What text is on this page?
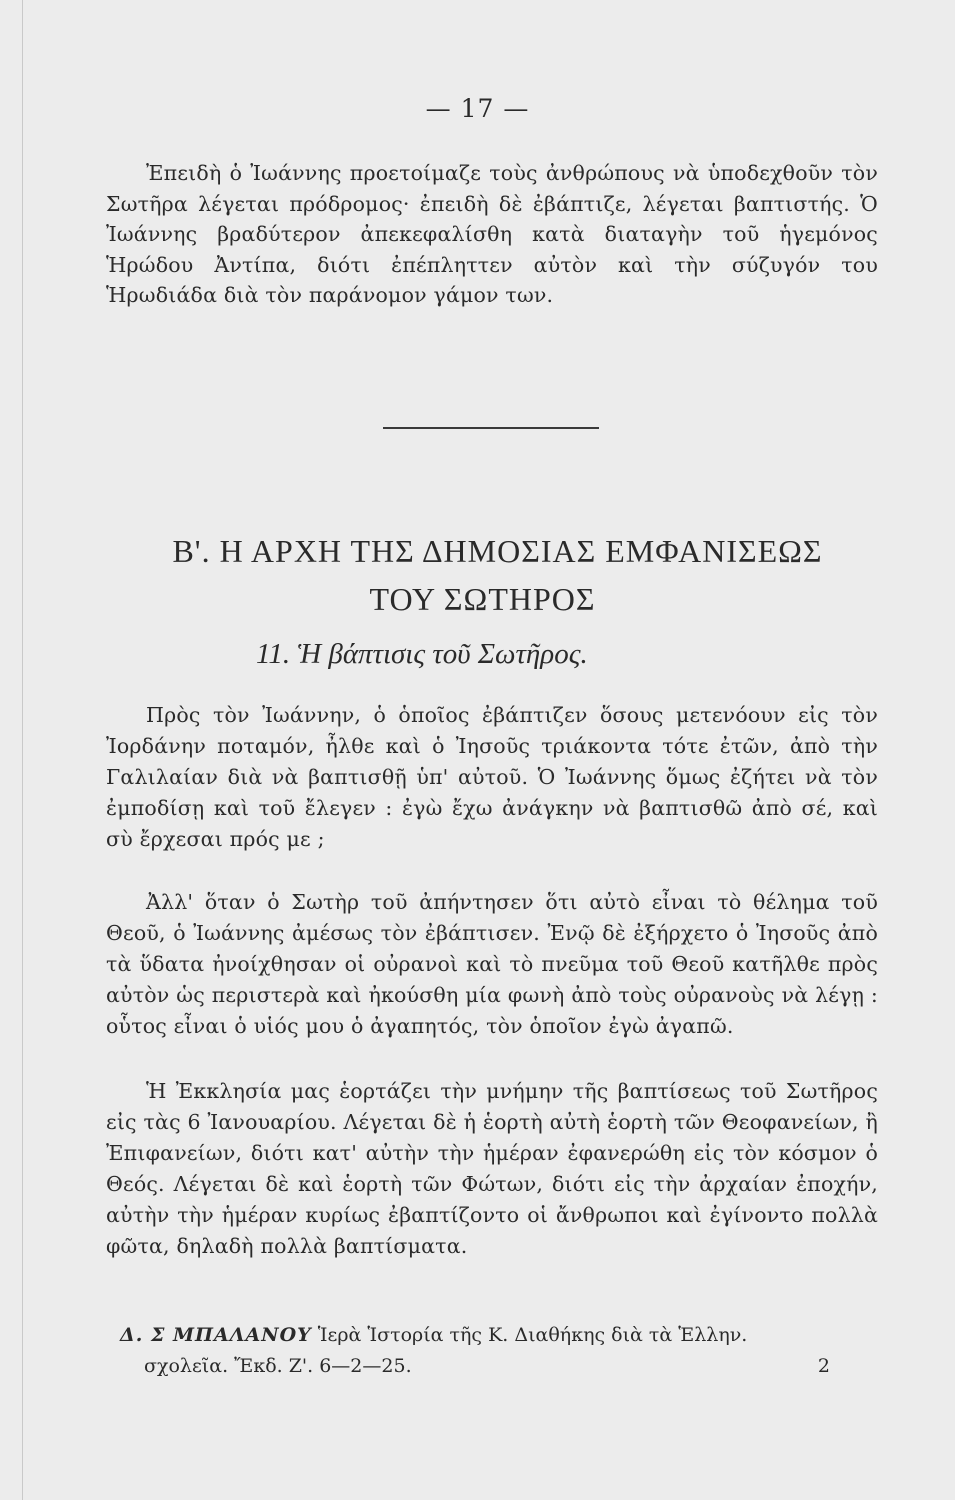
— 17 —

Ἐπειδὴ ὁ Ἰωάννης προετοίμαζε τοὺς ἀνθρώπους νὰ ὑποδεχθοῦν τὸν Σωτῆρα λέγεται πρόδρομος· ἐπειδὴ δὲ ἐβάπτιζε, λέγεται βαπτιστής. Ὁ Ἰωάννης βραδύτερον ἀπεκεφαλίσθη κατὰ διαταγὴν τοῦ ἡγεμόνος Ἡρώδου Ἀντίπα, διότι ἐπέπληττεν αὐτὸν καὶ τὴν σύζυγόν του Ἡρωδιάδα διὰ τὸν παράνομον γάμον των.

Β'. Η ΑΡΧΗ ΤΗΣ ΔΗΜΟΣΙΑΣ ΕΜΦΑΝΙΣΕΩΣ
ΤΟΥ ΣΩΤΗΡΟΣ
11. Ἡ βάπτισις τοῦ Σωτῆρος.

Πρὸς τὸν Ἰωάννην, ὁ ὁποῖος ἐβάπτιζεν ὅσους μετενόουν εἰς τὸν Ἰορδάνην ποταμόν, ἦλθε καὶ ὁ Ἰησοῦς τριάκοντα τότε ἐτῶν, ἀπὸ τὴν Γαλιλαίαν διὰ νὰ βαπτισθῇ ὑπ' αὐτοῦ. Ὁ Ἰωάννης ὅμως ἐζήτει νὰ τὸν ἐμποδίσῃ καὶ τοῦ ἔλεγεν : ἐγὼ ἔχω ἀνάγκην νὰ βαπτισθῶ ἀπὸ σέ, καὶ σὺ ἔρχεσαι πρός με ;

Ἀλλ' ὅταν ὁ Σωτὴρ τοῦ ἀπήντησεν ὅτι αὐτὸ εἶναι τὸ θέλημα τοῦ Θεοῦ, ὁ Ἰωάννης ἀμέσως τὸν ἐβάπτισεν. Ἐνῷ δὲ ἐξήρχετο ὁ Ἰησοῦς ἀπὸ τὰ ὕδατα ἠνοίχθησαν οἱ οὐρανοὶ καὶ τὸ πνεῦμα τοῦ Θεοῦ κατῆλθε πρὸς αὐτὸν ὡς περιστερὰ καὶ ἠκούσθη μία φωνὴ ἀπὸ τοὺς οὐρανοὺς νὰ λέγῃ : οὗτος εἶναι ὁ υἱός μου ὁ ἀγαπητός, τὸν ὁποῖον ἐγὼ ἀγαπῶ.

Ἡ Ἐκκλησία μας ἑορτάζει τὴν μνήμην τῆς βαπτίσεως τοῦ Σωτῆρος εἰς τὰς 6 Ἰανουαρίου. Λέγεται δὲ ἡ ἑορτὴ αὐτὴ ἑορτὴ τῶν Θεοφανείων, ἢ Ἐπιφανείων, διότι κατ' αὐτὴν τὴν ἡμέραν ἐφανερώθη εἰς τὸν κόσμον ὁ Θεός. Λέγεται δὲ καὶ ἑορτὴ τῶν Φώτων, διότι εἰς τὴν ἀρχαίαν ἐποχήν, αὐτὴν τὴν ἡμέραν κυρίως ἐβαπτίζοντο οἱ ἄνθρωποι καὶ ἐγίνοντο πολλὰ φῶτα, δηλαδὴ πολλὰ βαπτίσματα.

Δ. Σ ΜΠΑΛΑΝΟΥ Ἱερὰ Ἱστορία τῆς Κ. Διαθήκης διὰ τὰ Ἑλλην.
σχολεῖα. Ἔκδ. Ζ'. 6—2—25.	2
